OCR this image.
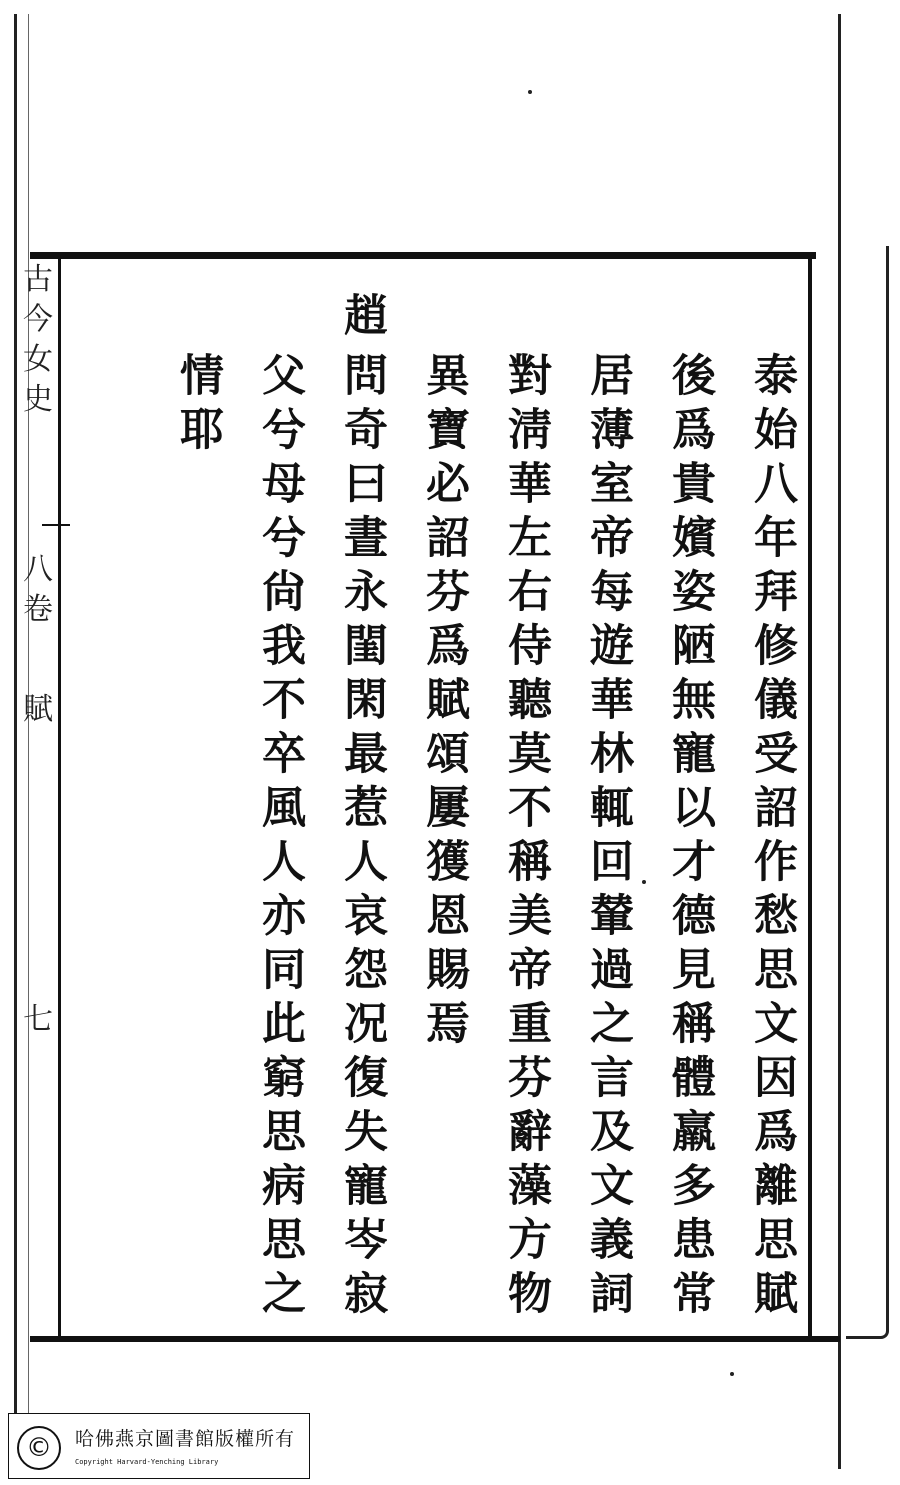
古
今
女
史
八
卷
賦
七	泰始八年拜修儀受詔作愁思文因爲離思賦
後爲貴嬪姿陋無寵以才德見稱體羸多患常
居薄室帝每遊華林輒回輦過之言及文義詞
對淸華左右侍聽莫不稱美帝重芬辭藻方物
異寶必詔芬爲賦頌屢獲恩賜焉
趙
問奇曰晝永閨閑最惹人哀怨况復失寵岑寂
父兮母兮尙我不卒風人亦同此窮思病思之
情耶
©	哈佛燕京圖書館版權所有
Copyright Harvard-Yenching Library
